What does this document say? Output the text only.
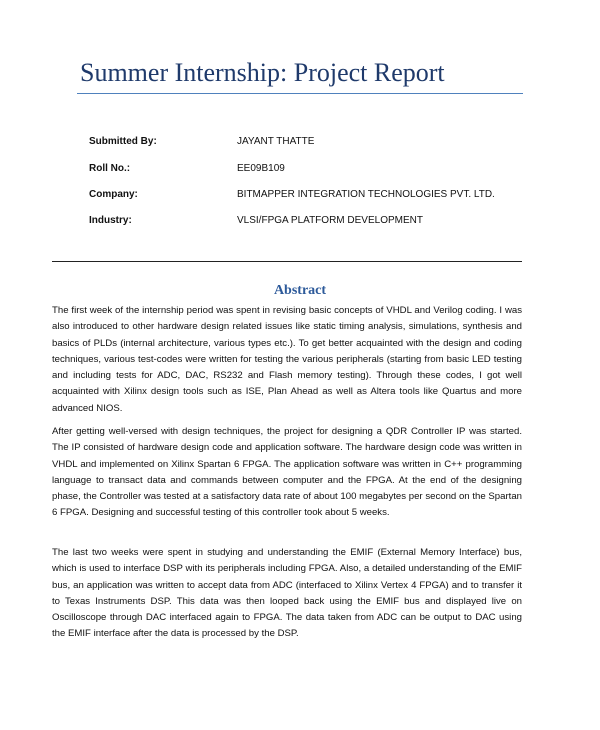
Summer Internship: Project Report
Submitted By:	JAYANT THATTE
Roll No.:	EE09B109
Company:	BITMAPPER INTEGRATION TECHNOLOGIES PVT. LTD.
Industry:	VLSI/FPGA PLATFORM DEVELOPMENT
Abstract

The first week of the internship period was spent in revising basic concepts of VHDL and Verilog coding. I was also introduced to other hardware design related issues like static timing analysis, simulations, synthesis and basics of PLDs (internal architecture, various types etc.). To get better acquainted with the design and coding techniques, various test-codes were written for testing the various peripherals (starting from basic LED testing and including tests for ADC, DAC, RS232 and Flash memory testing). Through these codes, I got well acquainted with Xilinx design tools such as ISE, Plan Ahead as well as Altera tools like Quartus and more advanced NIOS.

After getting well-versed with design techniques, the project for designing a QDR Controller IP was started. The IP consisted of hardware design code and application software. The hardware design code was written in VHDL and implemented on Xilinx Spartan 6 FPGA. The application software was written in C++ programming language to transact data and commands between computer and the FPGA. At the end of the designing phase, the Controller was tested at a satisfactory data rate of about 100 megabytes per second on the Spartan 6 FPGA. Designing and successful testing of this controller took about 5 weeks.

The last two weeks were spent in studying and understanding the EMIF (External Memory Interface) bus, which is used to interface DSP with its peripherals including FPGA. Also, a detailed understanding of the EMIF bus, an application was written to accept data from ADC (interfaced to Xilinx Vertex 4 FPGA) and to transfer it to Texas Instruments DSP. This data was then looped back using the EMIF bus and displayed live on Oscilloscope through DAC interfaced again to FPGA. The data taken from ADC can be output to DAC using the EMIF interface after the data is processed by the DSP.
